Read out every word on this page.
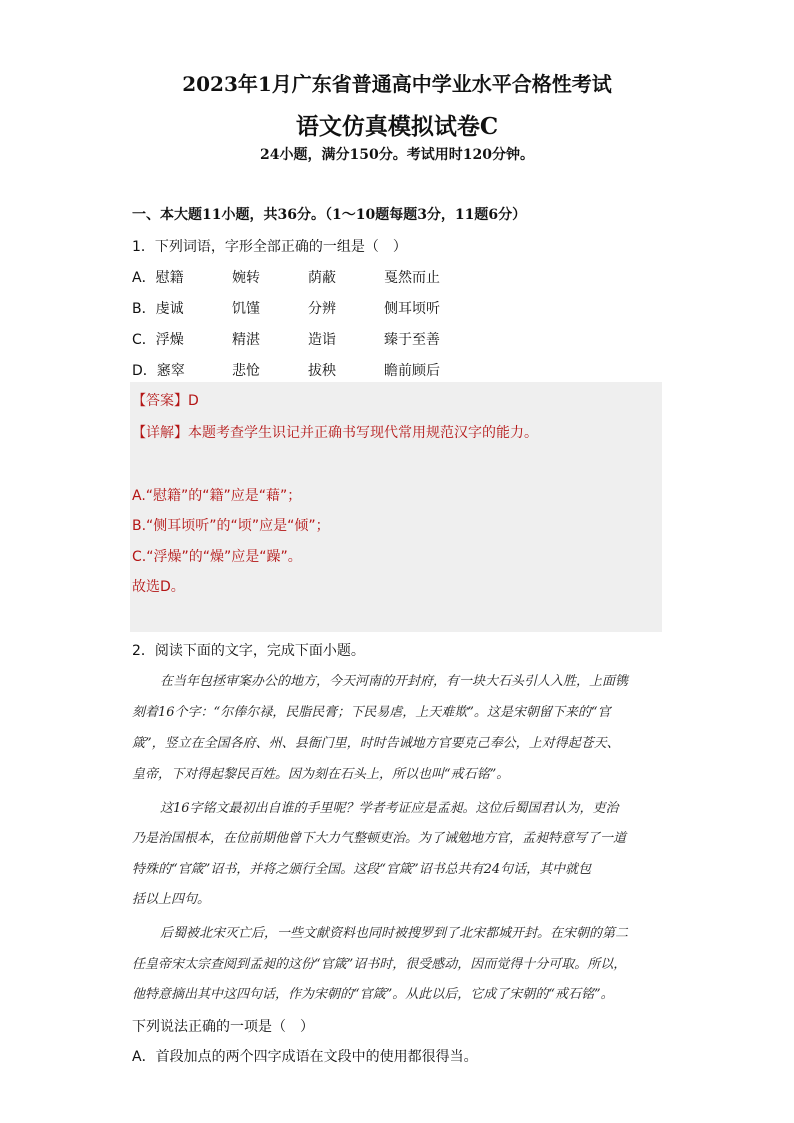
2023年1月广东省普通高中学业水平合格性考试
语文仿真模拟试卷C
24小题，满分150分。考试用时120分钟。
一、本大题11小题，共36分。（1～10题每题3分，11题6分）
1．下列词语，字形全部正确的一组是（　）
A．慰籍	婉转	荫蔽	戛然而止
B．虔诚	饥馑	分辨	侧耳顷听
C．浮燥	精湛	造诣	臻于至善
D．窸窣	悲怆	拔秧	瞻前顾后
【答案】D
【详解】本题考查学生识记并正确书写现代常用规范汉字的能力。
A.“慰籍”的“籍”应是“藉”；
B.“侧耳顷听”的“顷”应是“倾”；
C.“浮燥”的“燥”应是“躁”。
故选D。
2．阅读下面的文字，完成下面小题。
在当年包拯审案办公的地方，今天河南的开封府，有一块大石头引人入胜，上面镌
刻着16个字：“尔俸尔禄，民脂民膏；下民易虐，上天难欺”。这是宋朝留下来的“官
箴”，竖立在全国各府、州、县衙门里，时时告诫地方官要克己奉公，上对得起苍天、
皇帝，下对得起黎民百姓。因为刻在石头上，所以也叫“戒石铭”。
这16字铭文最初出自谁的手里呢？学者考证应是孟昶。这位后蜀国君认为，吏治
乃是治国根本，在位前期他曾下大力气整顿吏治。为了诫勉地方官，孟昶特意写了一道
特殊的“官箴”诏书，并将之颁行全国。这段“官箴”诏书总共有24句话，其中就包
括以上四句。
后蜀被北宋灭亡后，一些文献资料也同时被搜罗到了北宋都城开封。在宋朝的第二
任皇帝宋太宗查阅到孟昶的这份“官箴”诏书时，很受感动，因而觉得十分可取。所以，
他特意摘出其中这四句话，作为宋朝的“官箴”。从此以后，它成了宋朝的“戒石铭”。
下列说法正确的一项是（　）
A．首段加点的两个四字成语在文段中的使用都很得当。
